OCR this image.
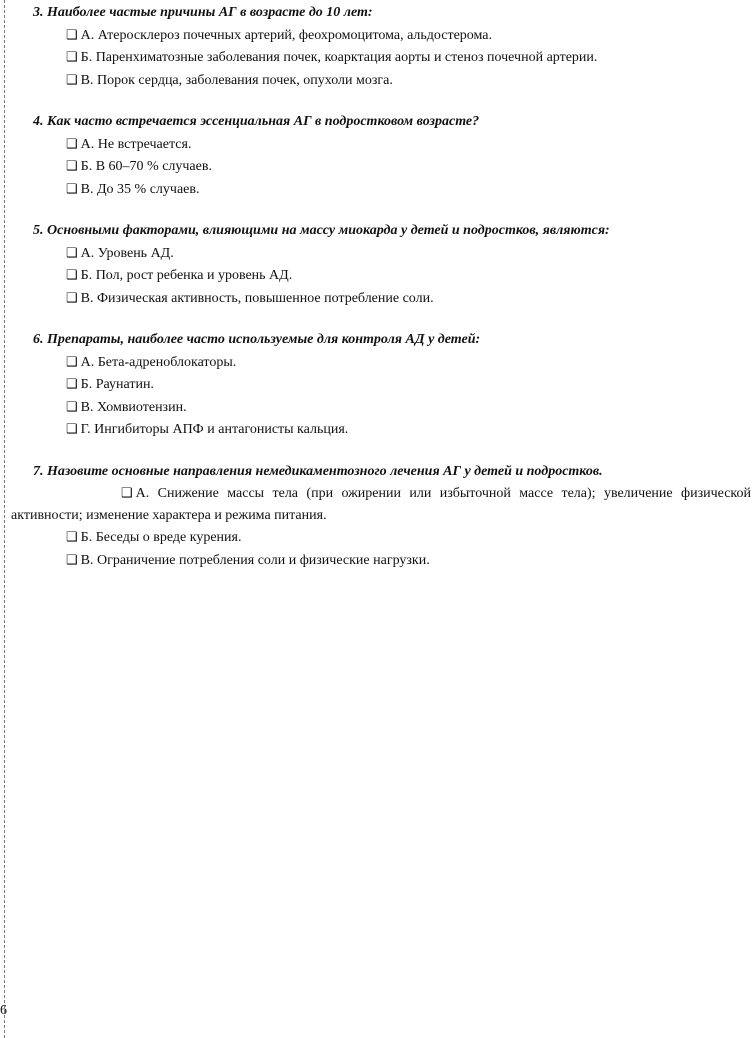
3. Наиболее частые причины АГ в возрасте до 10 лет:
❑ А. Атеросклероз почечных артерий, феохромоцитома, альдостерома.
❑ Б. Паренхиматозные заболевания почек, коарктация аорты и стеноз почечной артерии.
❑ В. Порок сердца, заболевания почек, опухоли мозга.
4. Как часто встречается эссенциальная АГ в подростковом возрасте?
❑ А. Не встречается.
❑ Б. В 60–70 % случаев.
❑ В. До 35 % случаев.
5. Основными факторами, влияющими на массу миокарда у детей и подростков, являются:
❑ А. Уровень АД.
❑ Б. Пол, рост ребенка и уровень АД.
❑ В. Физическая активность, повышенное потребление соли.
6. Препараты, наиболее часто используемые для контроля АД у детей:
❑ А. Бета-адреноблокаторы.
❑ Б. Раунатин.
❑ В. Хомвиотензин.
❑ Г. Ингибиторы АПФ и антагонисты кальция.
7. Назовите основные направления немедикаментозного лечения АГ у детей и подростков.
❑ А. Снижение массы тела (при ожирении или избыточной массе тела); увеличение физической активности; изменение характера и режима питания.
❑ Б. Беседы о вреде курения.
❑ В. Ограничение потребления соли и физические нагрузки.
6
